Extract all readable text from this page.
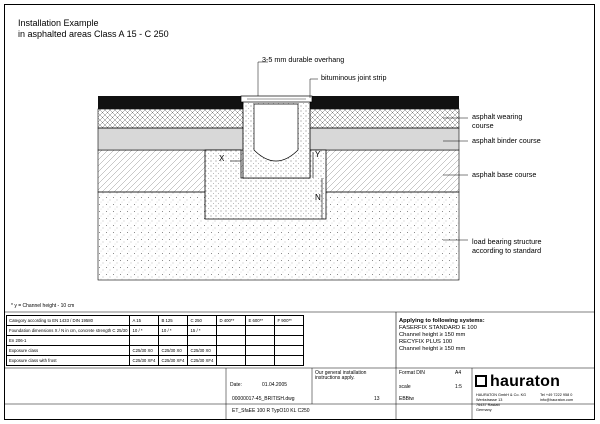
Installation Example
in asphalted areas Class A 15 - C 250
3-5 mm durable overhang
bituminous joint strip
asphalt wearing
course
asphalt binder course
asphalt base course
load bearing structure
according to standard
X	Y
N
* y = Channel height - 10 cm
Category according to EN 1433 / DIN 19580	A 15	B 125	C 250	D 400**	E 600**	F 900**
Foundation dimensions X / N in cm, concrete strength C 25/30	10 / *	10 / *	15 / *			
En 206-1						
Exposure class	C25/30 X0	C25/30 X0	C25/30 X0			
Exposure class with frost	C25/30 XF4	C25/30 XF4	C25/30 XF4			
Applying to following systems:
FASERFIX STANDARD E 100
Channel height ≥ 150 mm
RECYFIX PLUS 100
Channel height ≥ 150 mm
Date:	01.04.2005
Our general installation
instructions apply.
00000017-45_BRITISH.dwg
ET_SfaEE 100 R TypO10 KL C250
13
Format DIN	A4
scale	1:5
EBBtw
hauraton
HAURATON GmbH & Co. KG
Werkstrasse 13
76437 Rastatt
Germany
Tel +49 7222 958 0
info@hauraton.com
